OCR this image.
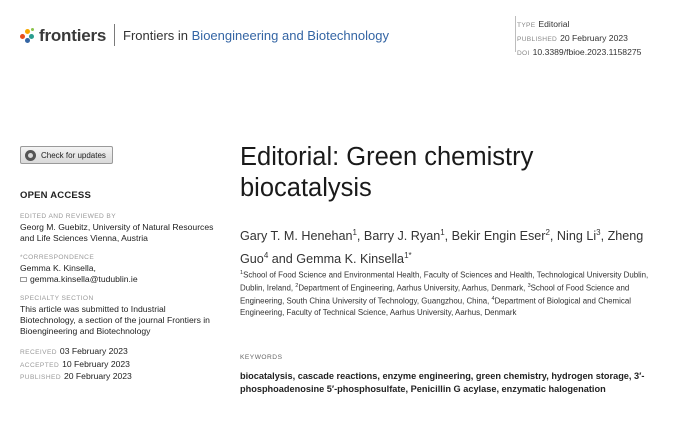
frontiers Frontiers in Bioengineering and Biotechnology
TYPE Editorial
PUBLISHED 20 February 2023
DOI 10.3389/fbioe.2023.1158275
Check for updates
OPEN ACCESS
EDITED AND REVIEWED BY
Georg M. Guebitz, University of Natural Resources and Life Sciences Vienna, Austria
*CORRESPONDENCE
Gemma K. Kinsella,
gemma.kinsella@tudublin.ie
SPECIALTY SECTION
This article was submitted to Industrial Biotechnology, a section of the journal Frontiers in Bioengineering and Biotechnology
RECEIVED 03 February 2023
ACCEPTED 10 February 2023
PUBLISHED 20 February 2023
Editorial: Green chemistry biocatalysis
Gary T. M. Henehan$^1$, Barry J. Ryan$^1$, Bekir Engin Eser$^2$, Ning Li$^3$, Zheng Guo$^4$ and Gemma K. Kinsella$^{1*}$
$^1$School of Food Science and Environmental Health, Faculty of Sciences and Health, Technological University Dublin, Dublin, Ireland, $^2$Department of Engineering, Aarhus University, Aarhus, Denmark, $^3$School of Food Science and Engineering, South China University of Technology, Guangzhou, China, $^4$Department of Biological and Chemical Engineering, Faculty of Technical Science, Aarhus University, Aarhus, Denmark
KEYWORDS
biocatalysis, cascade reactions, enzyme engineering, green chemistry, hydrogen storage, 3′-phosphoadenosine 5′-phosphosulfate, Penicillin G acylase, enzymatic halogenation
